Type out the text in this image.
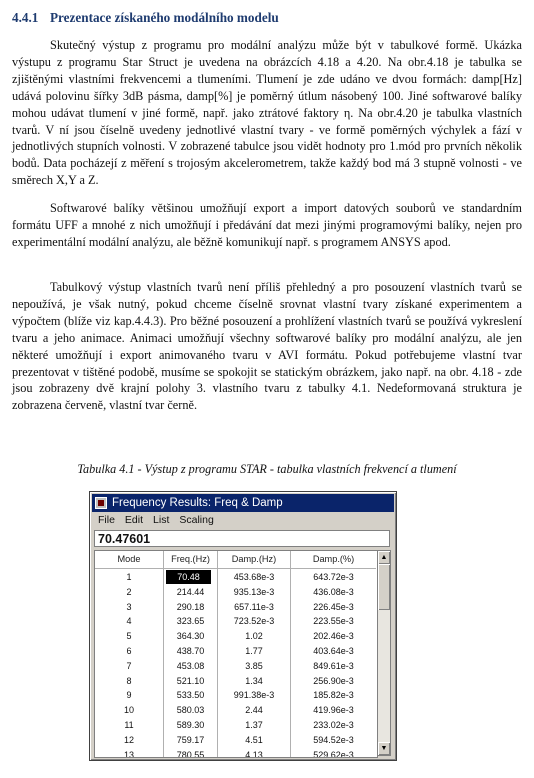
4.4.1 Prezentace získaného modálního modelu

Skutečný výstup z programu pro modální analýzu může být v tabulkové formě. Ukázka výstupu z programu Star Struct je uvedena na obrázcích 4.18 a 4.20. Na obr.4.18 je tabulka se zjištěnými vlastními frekvencemi a tlumeními. Tlumení je zde udáno ve dvou formách: damp[Hz] udává polovinu šířky 3dB pásma, damp[%] je poměrný útlum násobený 100. Jiné softwarové balíky mohou udávat tlumení v jiné formě, např. jako ztrátové faktory η. Na obr.4.20 je tabulka vlastních tvarů. V ní jsou číselně uvedeny jednotlivé vlastní tvary - ve formě poměrných výchylek a fází v jednotlivých stupních volnosti. V zobrazené tabulce jsou vidět hodnoty pro 1.mód pro prvních několik bodů. Data pocházejí z měření s trojosým akcelerometrem, takže každý bod má 3 stupně volnosti - ve směrech X,Y a Z.

Softwarové balíky většinou umožňují export a import datových souborů ve standardním formátu UFF a mnohé z nich umožňují i předávání dat mezi jinými programovými balíky, nejen pro experimentální modální analýzu, ale běžně komunikují např. s programem ANSYS apod.

Tabulkový výstup vlastních tvarů není příliš přehledný a pro posouzení vlastních tvarů se nepoužívá, je však nutný, pokud chceme číselně srovnat vlastní tvary získané experimentem a výpočtem (blíže viz kap.4.4.3). Pro běžné posouzení a prohlížení vlastních tvarů se používá vykreslení tvaru a jeho animace. Animaci umožňují všechny softwarové balíky pro modální analýzu, ale jen některé umožňují i export animovaného tvaru v AVI formátu. Pokud potřebujeme vlastní tvar prezentovat v tištěné podobě, musíme se spokojit se statickým obrázkem, jako např. na obr. 4.18 - zde jsou zobrazeny dvě krajní polohy 3. vlastního tvaru z tabulky 4.1. Nedeformovaná struktura je zobrazena červeně, vlastní tvar černě.

Tabulka 4.1 - Výstup z programu STAR - tabulka vlastních frekvencí a tlumení
Frequency Results: Freq & Damp
File Edit List Scaling
70.47601
Mode
1
2
3
4
5
6
7
8
9
10
11
12
13
Freq.(Hz)
70.48
214.44
290.18
323.65
364.30
438.70
453.08
521.10
533.50
580.03
589.30
759.17
780.55
Damp.(Hz)
453.68e-3
935.13e-3
657.11e-3
723.52e-3
1.02
1.77
3.85
1.34
991.38e-3
2.44
1.37
4.51
4.13
Damp.(%)
643.72e-3
436.08e-3
226.45e-3
223.55e-3
202.46e-3
403.64e-3
849.61e-3
256.90e-3
185.82e-3
419.96e-3
233.02e-3
594.52e-3
529.62e-3
▲
▼
